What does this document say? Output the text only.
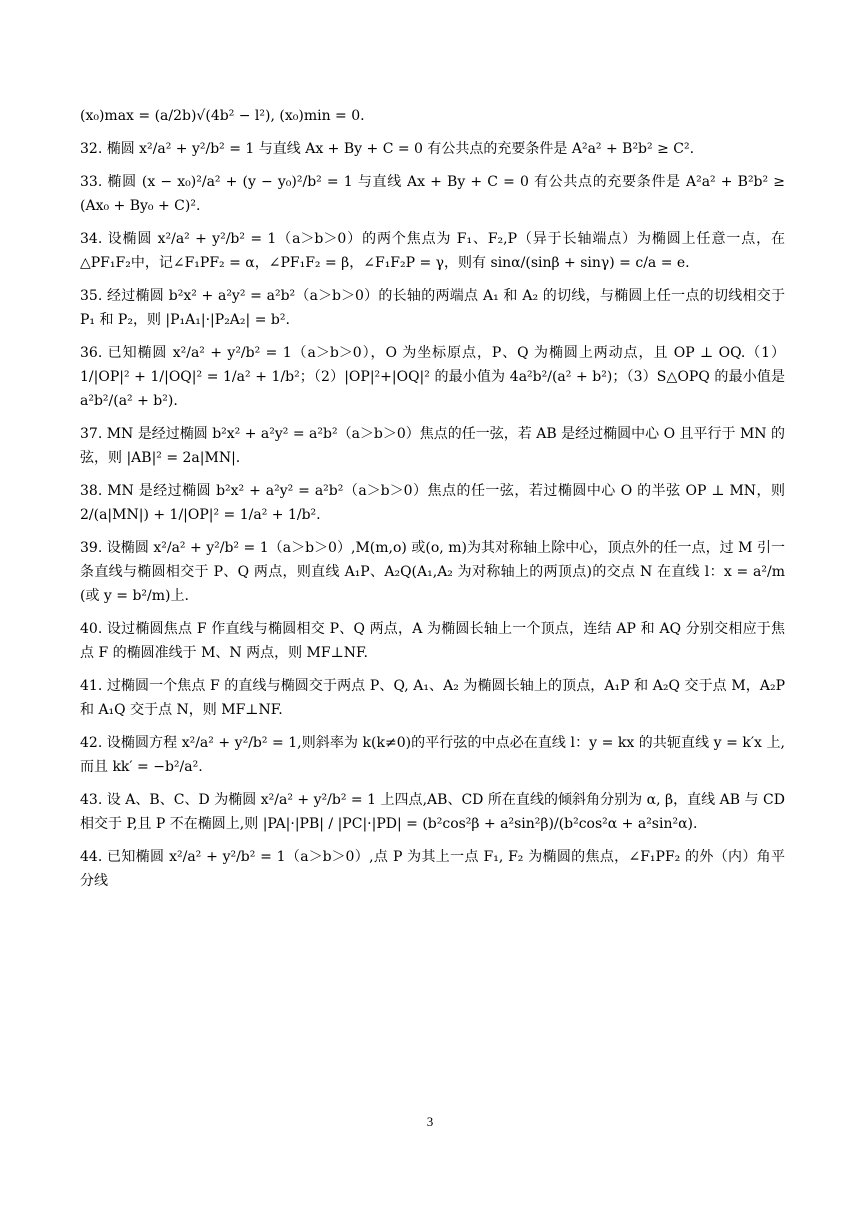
(x₀)max = (a/2b)√(4b² − l²), (x₀)min = 0.

32. 椭圆 x²/a² + y²/b² = 1 与直线 Ax + By + C = 0 有公共点的充要条件是 A²a² + B²b² ≥ C².

33. 椭圆 (x − x₀)²/a² + (y − y₀)²/b² = 1 与直线 Ax + By + C = 0 有公共点的充要条件是 A²a² + B²b² ≥ (Ax₀ + By₀ + C)².

34. 设椭圆 x²/a² + y²/b² = 1（a＞b＞0）的两个焦点为 F₁、F₂,P（异于长轴端点）为椭圆上任意一点，在△PF₁F₂中，记∠F₁PF₂ = α，∠PF₁F₂ = β，∠F₁F₂P = γ，则有 sinα/(sinβ + sinγ) = c/a = e.

35. 经过椭圆 b²x² + a²y² = a²b²（a＞b＞0）的长轴的两端点 A₁ 和 A₂ 的切线，与椭圆上任一点的切线相交于 P₁ 和 P₂，则 |P₁A₁|·|P₂A₂| = b².

36. 已知椭圆 x²/a² + y²/b² = 1（a＞b＞0），O 为坐标原点，P、Q 为椭圆上两动点，且 OP ⊥ OQ.（1）1/|OP|² + 1/|OQ|² = 1/a² + 1/b²；（2）|OP|²+|OQ|² 的最小值为 4a²b²/(a² + b²)；（3）S△OPQ 的最小值是 a²b²/(a² + b²).

37. MN 是经过椭圆 b²x² + a²y² = a²b²（a＞b＞0）焦点的任一弦，若 AB 是经过椭圆中心 O 且平行于 MN 的弦，则 |AB|² = 2a|MN|.

38. MN 是经过椭圆 b²x² + a²y² = a²b²（a＞b＞0）焦点的任一弦，若过椭圆中心 O 的半弦 OP ⊥ MN，则 2/(a|MN|) + 1/|OP|² = 1/a² + 1/b².

39. 设椭圆 x²/a² + y²/b² = 1（a＞b＞0）,M(m,o) 或(o, m)为其对称轴上除中心，顶点外的任一点，过 M 引一条直线与椭圆相交于 P、Q 两点，则直线 A₁P、A₂Q(A₁,A₂ 为对称轴上的两顶点)的交点 N 在直线 l：x = a²/m (或 y = b²/m)上.

40. 设过椭圆焦点 F 作直线与椭圆相交 P、Q 两点，A 为椭圆长轴上一个顶点，连结 AP 和 AQ 分别交相应于焦点 F 的椭圆准线于 M、N 两点，则 MF⊥NF.

41. 过椭圆一个焦点 F 的直线与椭圆交于两点 P、Q, A₁、A₂ 为椭圆长轴上的顶点，A₁P 和 A₂Q 交于点 M，A₂P 和 A₁Q 交于点 N，则 MF⊥NF.

42. 设椭圆方程 x²/a² + y²/b² = 1,则斜率为 k(k≠0)的平行弦的中点必在直线 l：y = kx 的共轭直线 y = k′x 上,而且 kk′ = −b²/a².

43. 设 A、B、C、D 为椭圆 x²/a² + y²/b² = 1 上四点,AB、CD 所在直线的倾斜角分别为 α, β，直线 AB 与 CD 相交于 P,且 P 不在椭圆上,则 |PA|·|PB| / |PC|·|PD| = (b²cos²β + a²sin²β)/(b²cos²α + a²sin²α).

44. 已知椭圆 x²/a² + y²/b² = 1（a＞b＞0）,点 P 为其上一点 F₁, F₂ 为椭圆的焦点，∠F₁PF₂ 的外（内）角平分线

3
